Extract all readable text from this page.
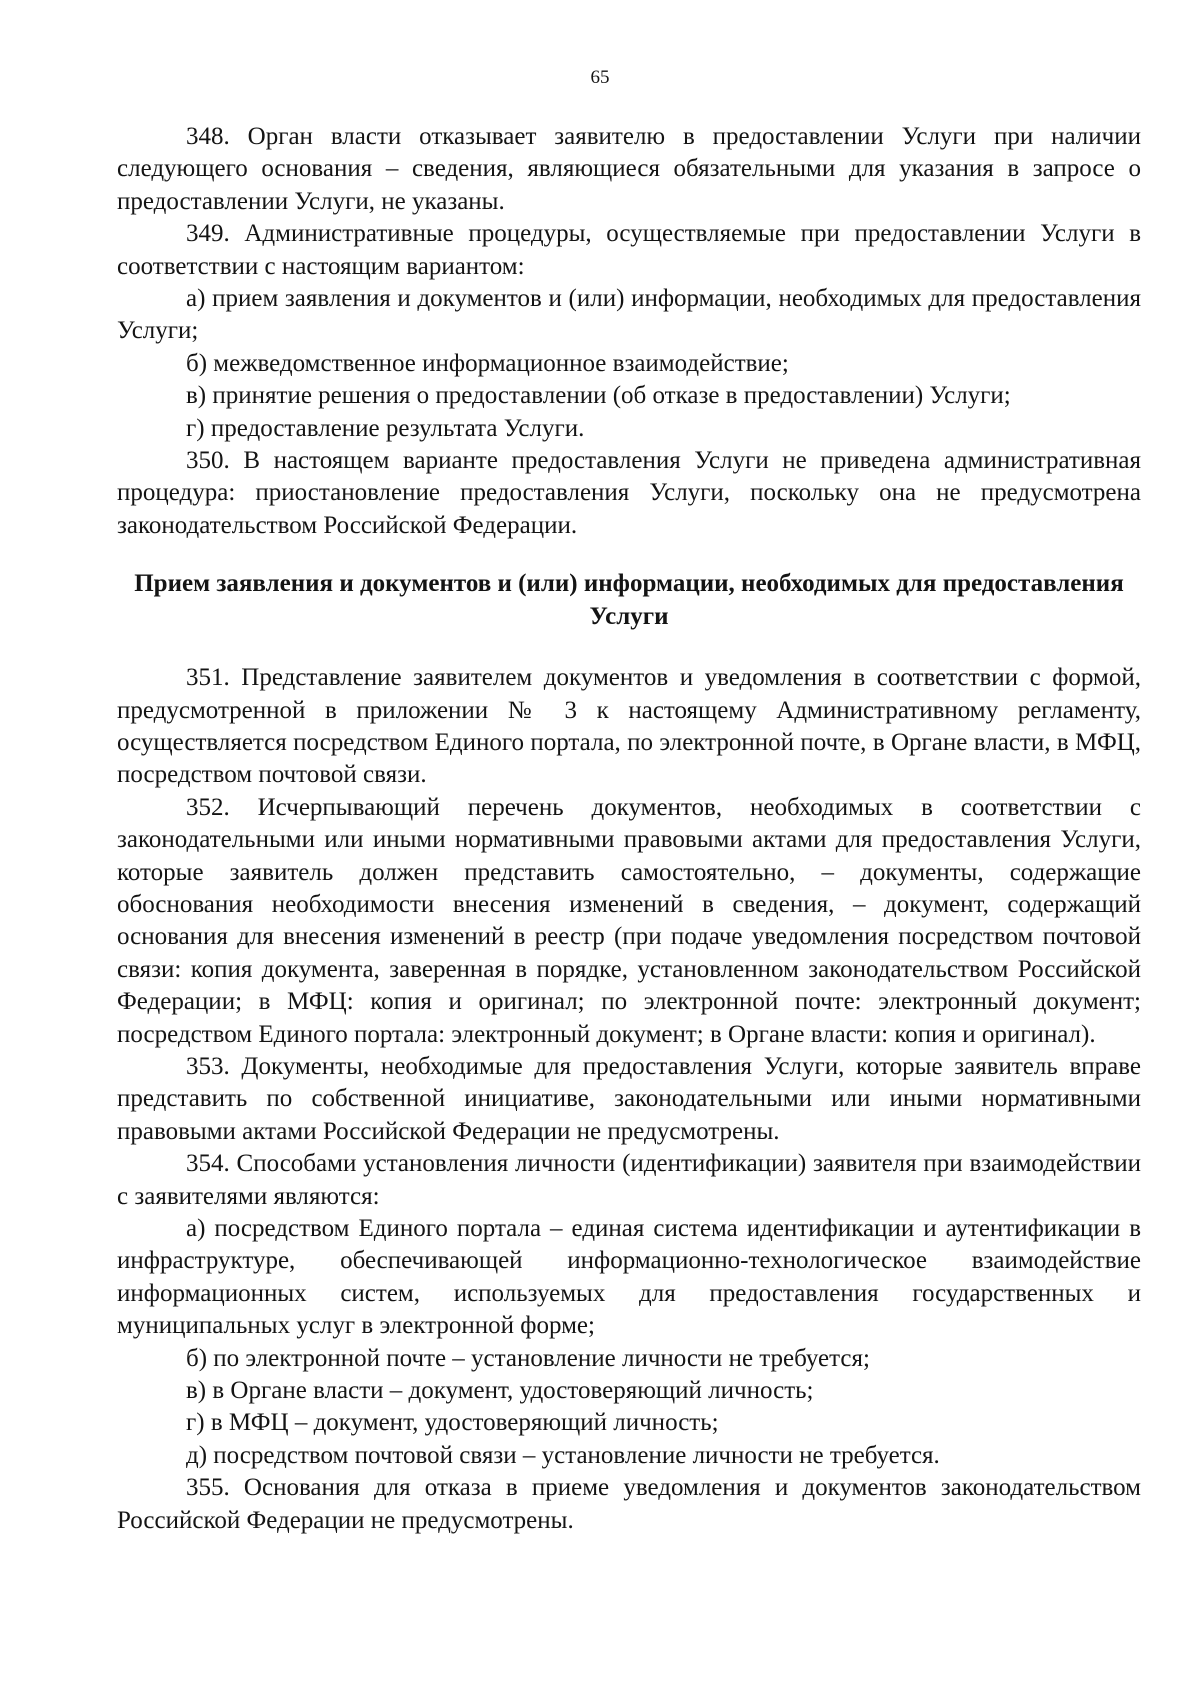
65

348. Орган власти отказывает заявителю в предоставлении Услуги при наличии следующего основания – сведения, являющиеся обязательными для указания в запросе о предоставлении Услуги, не указаны.

349. Административные процедуры, осуществляемые при предоставлении Услуги в соответствии с настоящим вариантом:

а) прием заявления и документов и (или) информации, необходимых для предоставления Услуги;

б) межведомственное информационное взаимодействие;

в) принятие решения о предоставлении (об отказе в предоставлении) Услуги;

г) предоставление результата Услуги.

350. В настоящем варианте предоставления Услуги не приведена административная процедура: приостановление предоставления Услуги, поскольку она не предусмотрена законодательством Российской Федерации.

Прием заявления и документов и (или) информации, необходимых для предоставления Услуги

351. Представление заявителем документов и уведомления в соответствии с формой, предусмотренной в приложении № 3 к настоящему Административному регламенту, осуществляется посредством Единого портала, по электронной почте, в Органе власти, в МФЦ, посредством почтовой связи.

352. Исчерпывающий перечень документов, необходимых в соответствии с законодательными или иными нормативными правовыми актами для предоставления Услуги, которые заявитель должен представить самостоятельно, – документы, содержащие обоснования необходимости внесения изменений в сведения, – документ, содержащий основания для внесения изменений в реестр (при подаче уведомления посредством почтовой связи: копия документа, заверенная в порядке, установленном законодательством Российской Федерации; в МФЦ: копия и оригинал; по электронной почте: электронный документ; посредством Единого портала: электронный документ; в Органе власти: копия и оригинал).

353. Документы, необходимые для предоставления Услуги, которые заявитель вправе представить по собственной инициативе, законодательными или иными нормативными правовыми актами Российской Федерации не предусмотрены.

354. Способами установления личности (идентификации) заявителя при взаимодействии с заявителями являются:

а) посредством Единого портала – единая система идентификации и аутентификации в инфраструктуре, обеспечивающей информационно-технологическое взаимодействие информационных систем, используемых для предоставления государственных и муниципальных услуг в электронной форме;

б) по электронной почте – установление личности не требуется;

в) в Органе власти – документ, удостоверяющий личность;

г) в МФЦ – документ, удостоверяющий личность;

д) посредством почтовой связи – установление личности не требуется.

355. Основания для отказа в приеме уведомления и документов законодательством Российской Федерации не предусмотрены.
